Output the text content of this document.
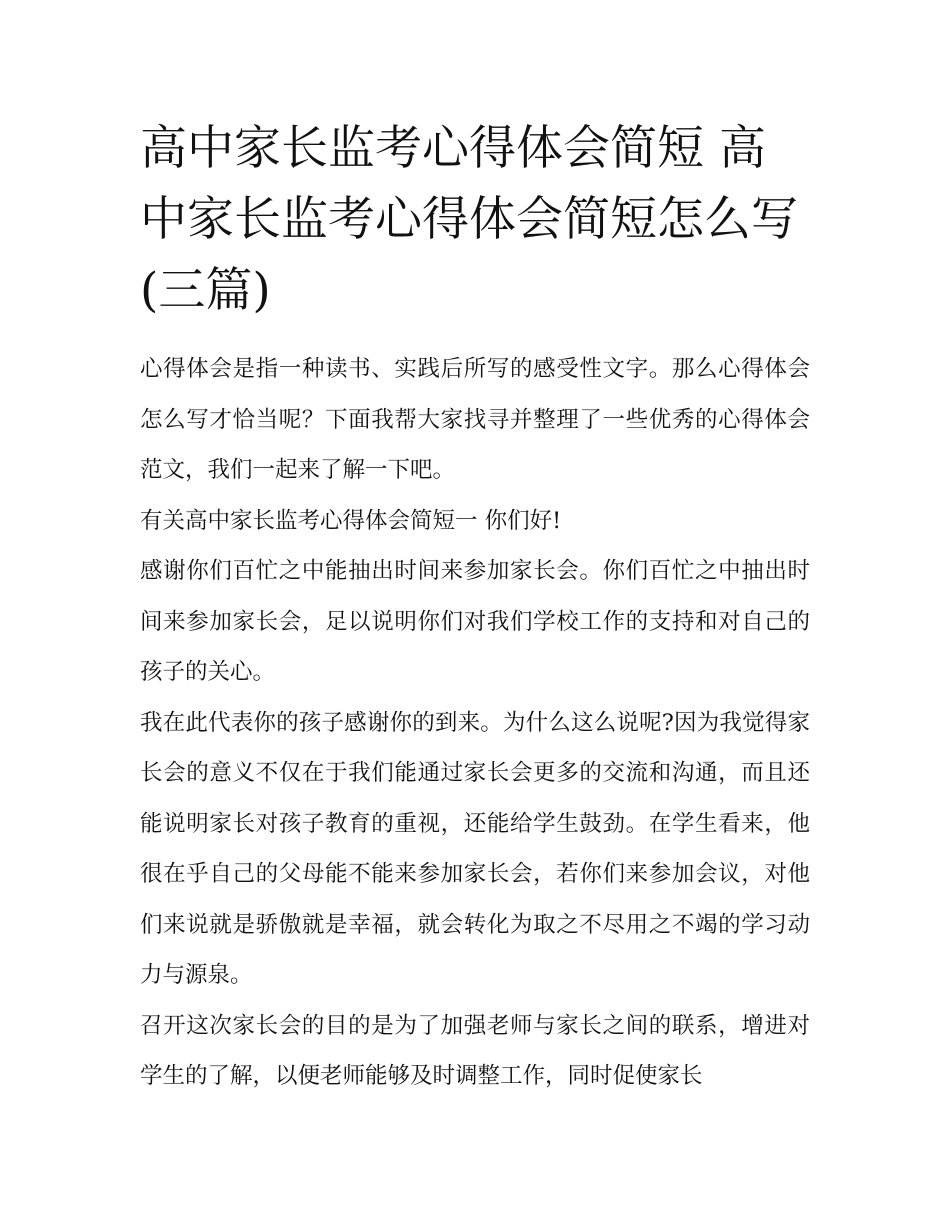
高中家长监考心得体会简短 高中家长监考心得体会简短怎么写(三篇)

心得体会是指一种读书、实践后所写的感受性文字。那么心得体会怎么写才恰当呢？下面我帮大家找寻并整理了一些优秀的心得体会范文，我们一起来了解一下吧。

有关高中家长监考心得体会简短一 你们好!

感谢你们百忙之中能抽出时间来参加家长会。你们百忙之中抽出时间来参加家长会，足以说明你们对我们学校工作的支持和对自己的孩子的关心。

我在此代表你的孩子感谢你的到来。为什么这么说呢?因为我觉得家长会的意义不仅在于我们能通过家长会更多的交流和沟通，而且还能说明家长对孩子教育的重视，还能给学生鼓劲。在学生看来，他很在乎自己的父母能不能来参加家长会，若你们来参加会议，对他们来说就是骄傲就是幸福，就会转化为取之不尽用之不竭的学习动力与源泉。

召开这次家长会的目的是为了加强老师与家长之间的联系，增进对学生的了解，以便老师能够及时调整工作，同时促使家长
